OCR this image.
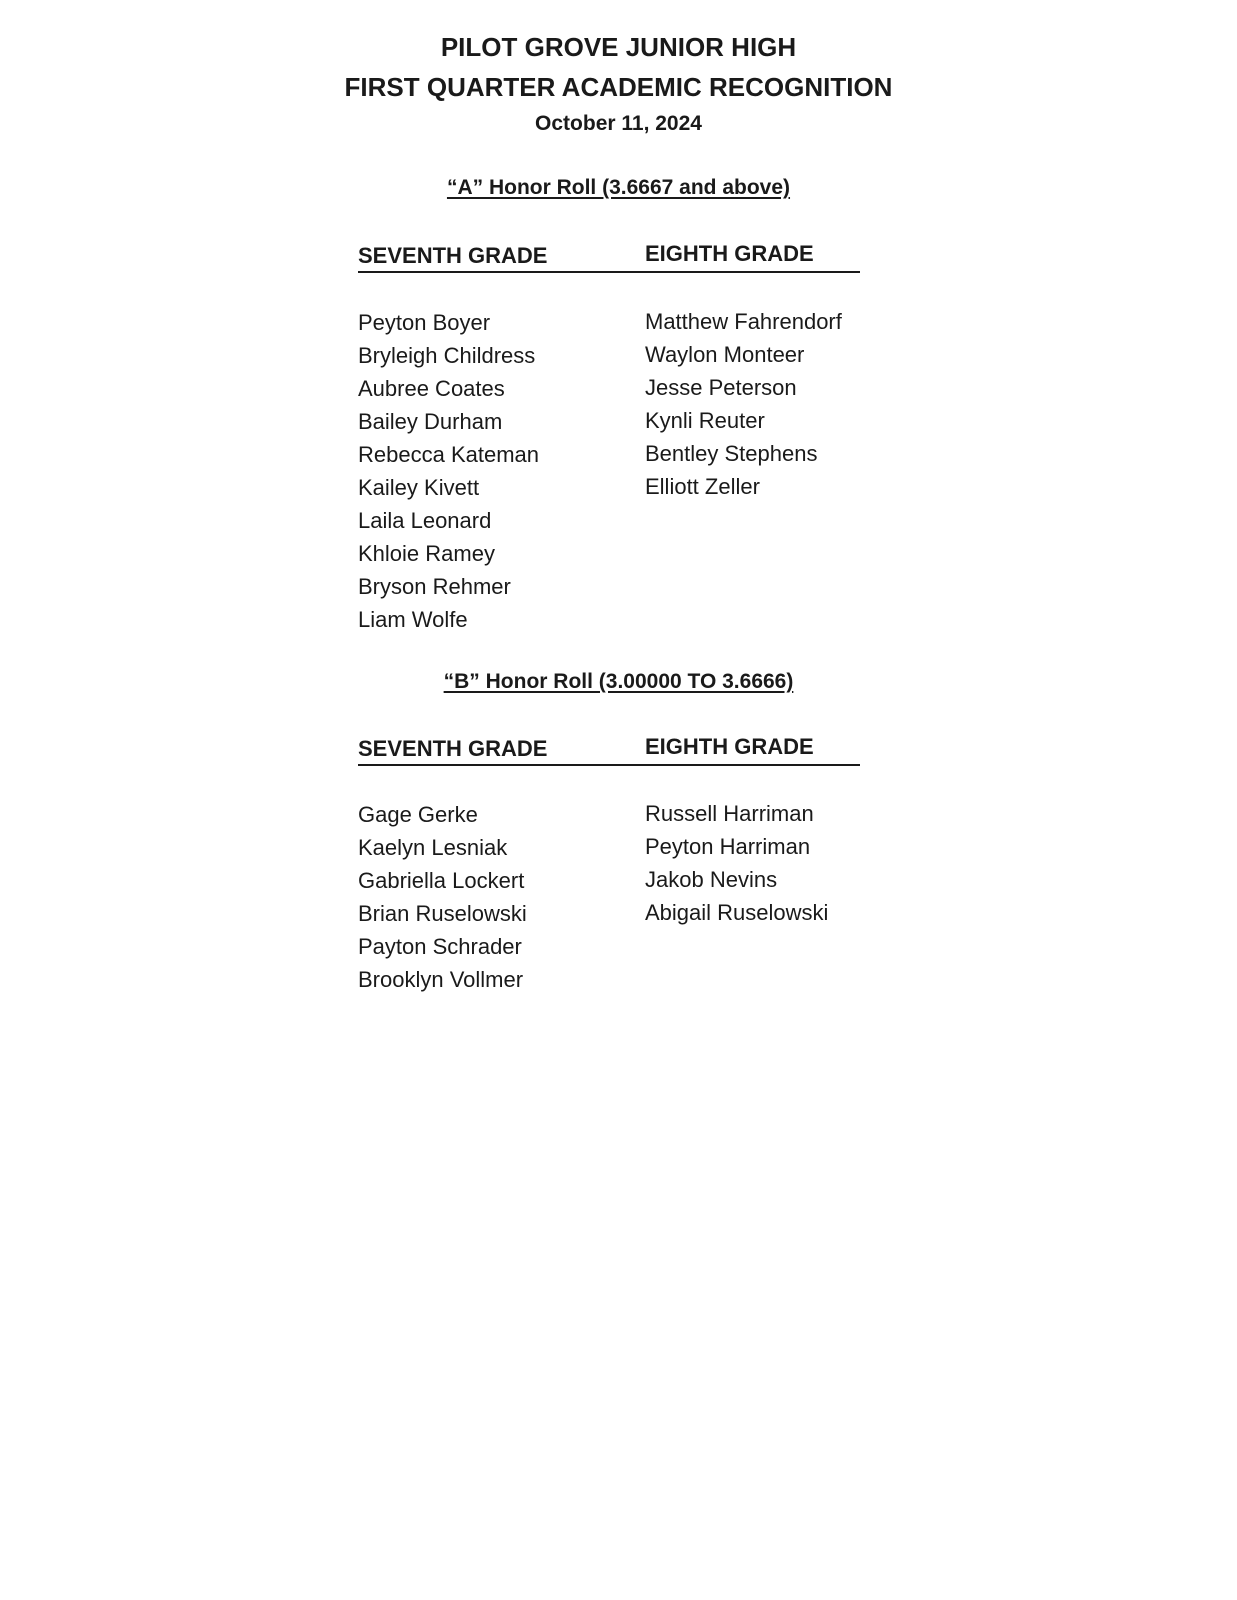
PILOT GROVE JUNIOR HIGH
FIRST QUARTER ACADEMIC RECOGNITION
October 11, 2024
“A” Honor Roll (3.6667 and above)
SEVENTH GRADE	EIGHTH GRADE
Peyton Boyer
Bryleigh Childress
Aubree Coates
Bailey Durham
Rebecca Kateman
Kailey Kivett
Laila Leonard
Khloie Ramey
Bryson Rehmer
Liam Wolfe
Matthew Fahrendorf
Waylon Monteer
Jesse Peterson
Kynli Reuter
Bentley Stephens
Elliott Zeller
“B” Honor Roll (3.00000 TO 3.6666)
SEVENTH GRADE	EIGHTH GRADE
Gage Gerke
Kaelyn Lesniak
Gabriella Lockert
Brian Ruselowski
Payton Schrader
Brooklyn Vollmer
Russell Harriman
Peyton Harriman
Jakob Nevins
Abigail Ruselowski
